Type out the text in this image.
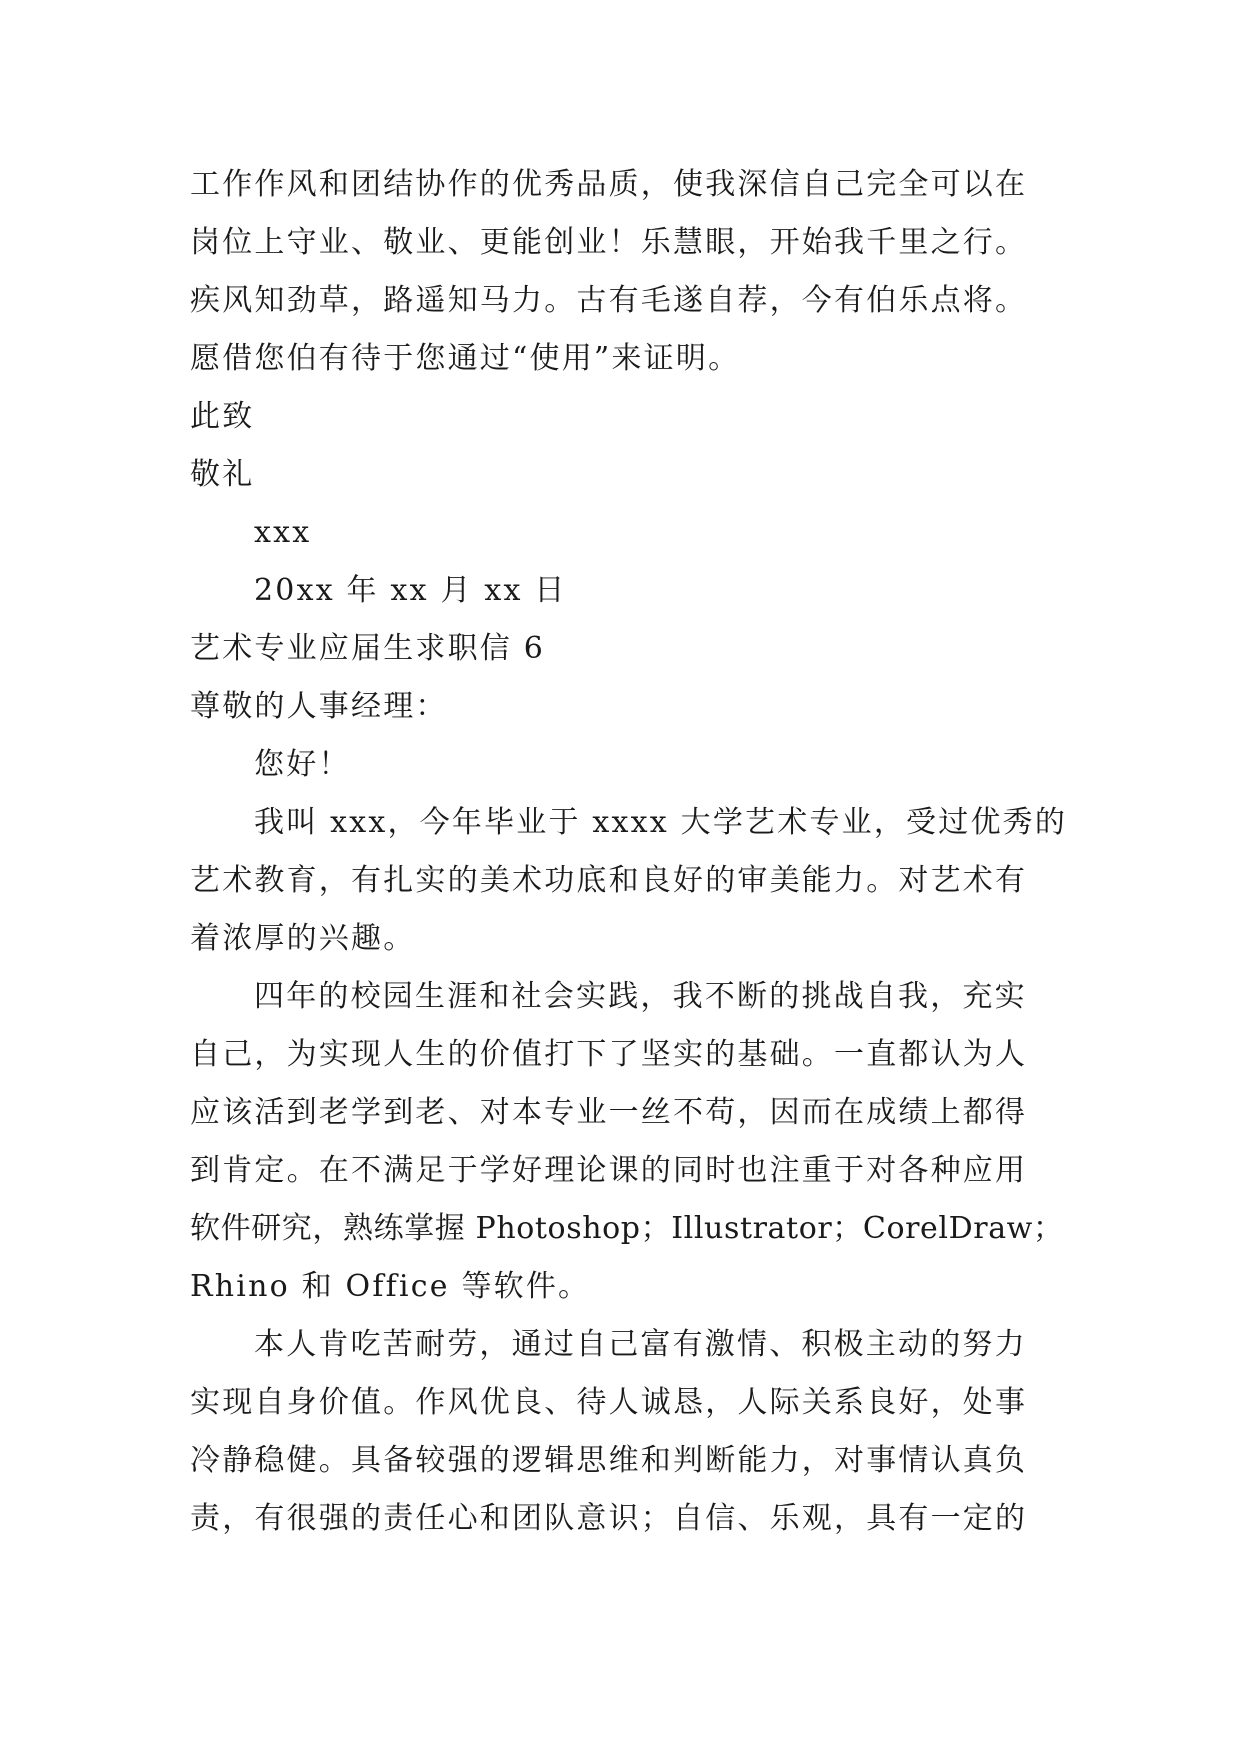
工作作风和团结协作的优秀品质，使我深信自己完全可以在
岗位上守业、敬业、更能创业！乐慧眼，开始我千里之行。
疾风知劲草，路遥知马力。古有毛遂自荐，今有伯乐点将。
愿借您伯有待于您通过“使用”来证明。
此致
敬礼
xxx
20xx 年 xx 月 xx 日
艺术专业应届生求职信 6
尊敬的人事经理：
您好！
我叫 xxx，今年毕业于 xxxx 大学艺术专业，受过优秀的
艺术教育，有扎实的美术功底和良好的审美能力。对艺术有
着浓厚的兴趣。
四年的校园生涯和社会实践，我不断的挑战自我，充实
自己，为实现人生的价值打下了坚实的基础。一直都认为人
应该活到老学到老、对本专业一丝不苟，因而在成绩上都得
到肯定。在不满足于学好理论课的同时也注重于对各种应用
软件研究，熟练掌握 Photoshop；Illustrator；CorelDraw；
Rhino 和 Office 等软件。
本人肯吃苦耐劳，通过自己富有激情、积极主动的努力
实现自身价值。作风优良、待人诚恳，人际关系良好，处事
冷静稳健。具备较强的逻辑思维和判断能力，对事情认真负
责，有很强的责任心和团队意识；自信、乐观，具有一定的
